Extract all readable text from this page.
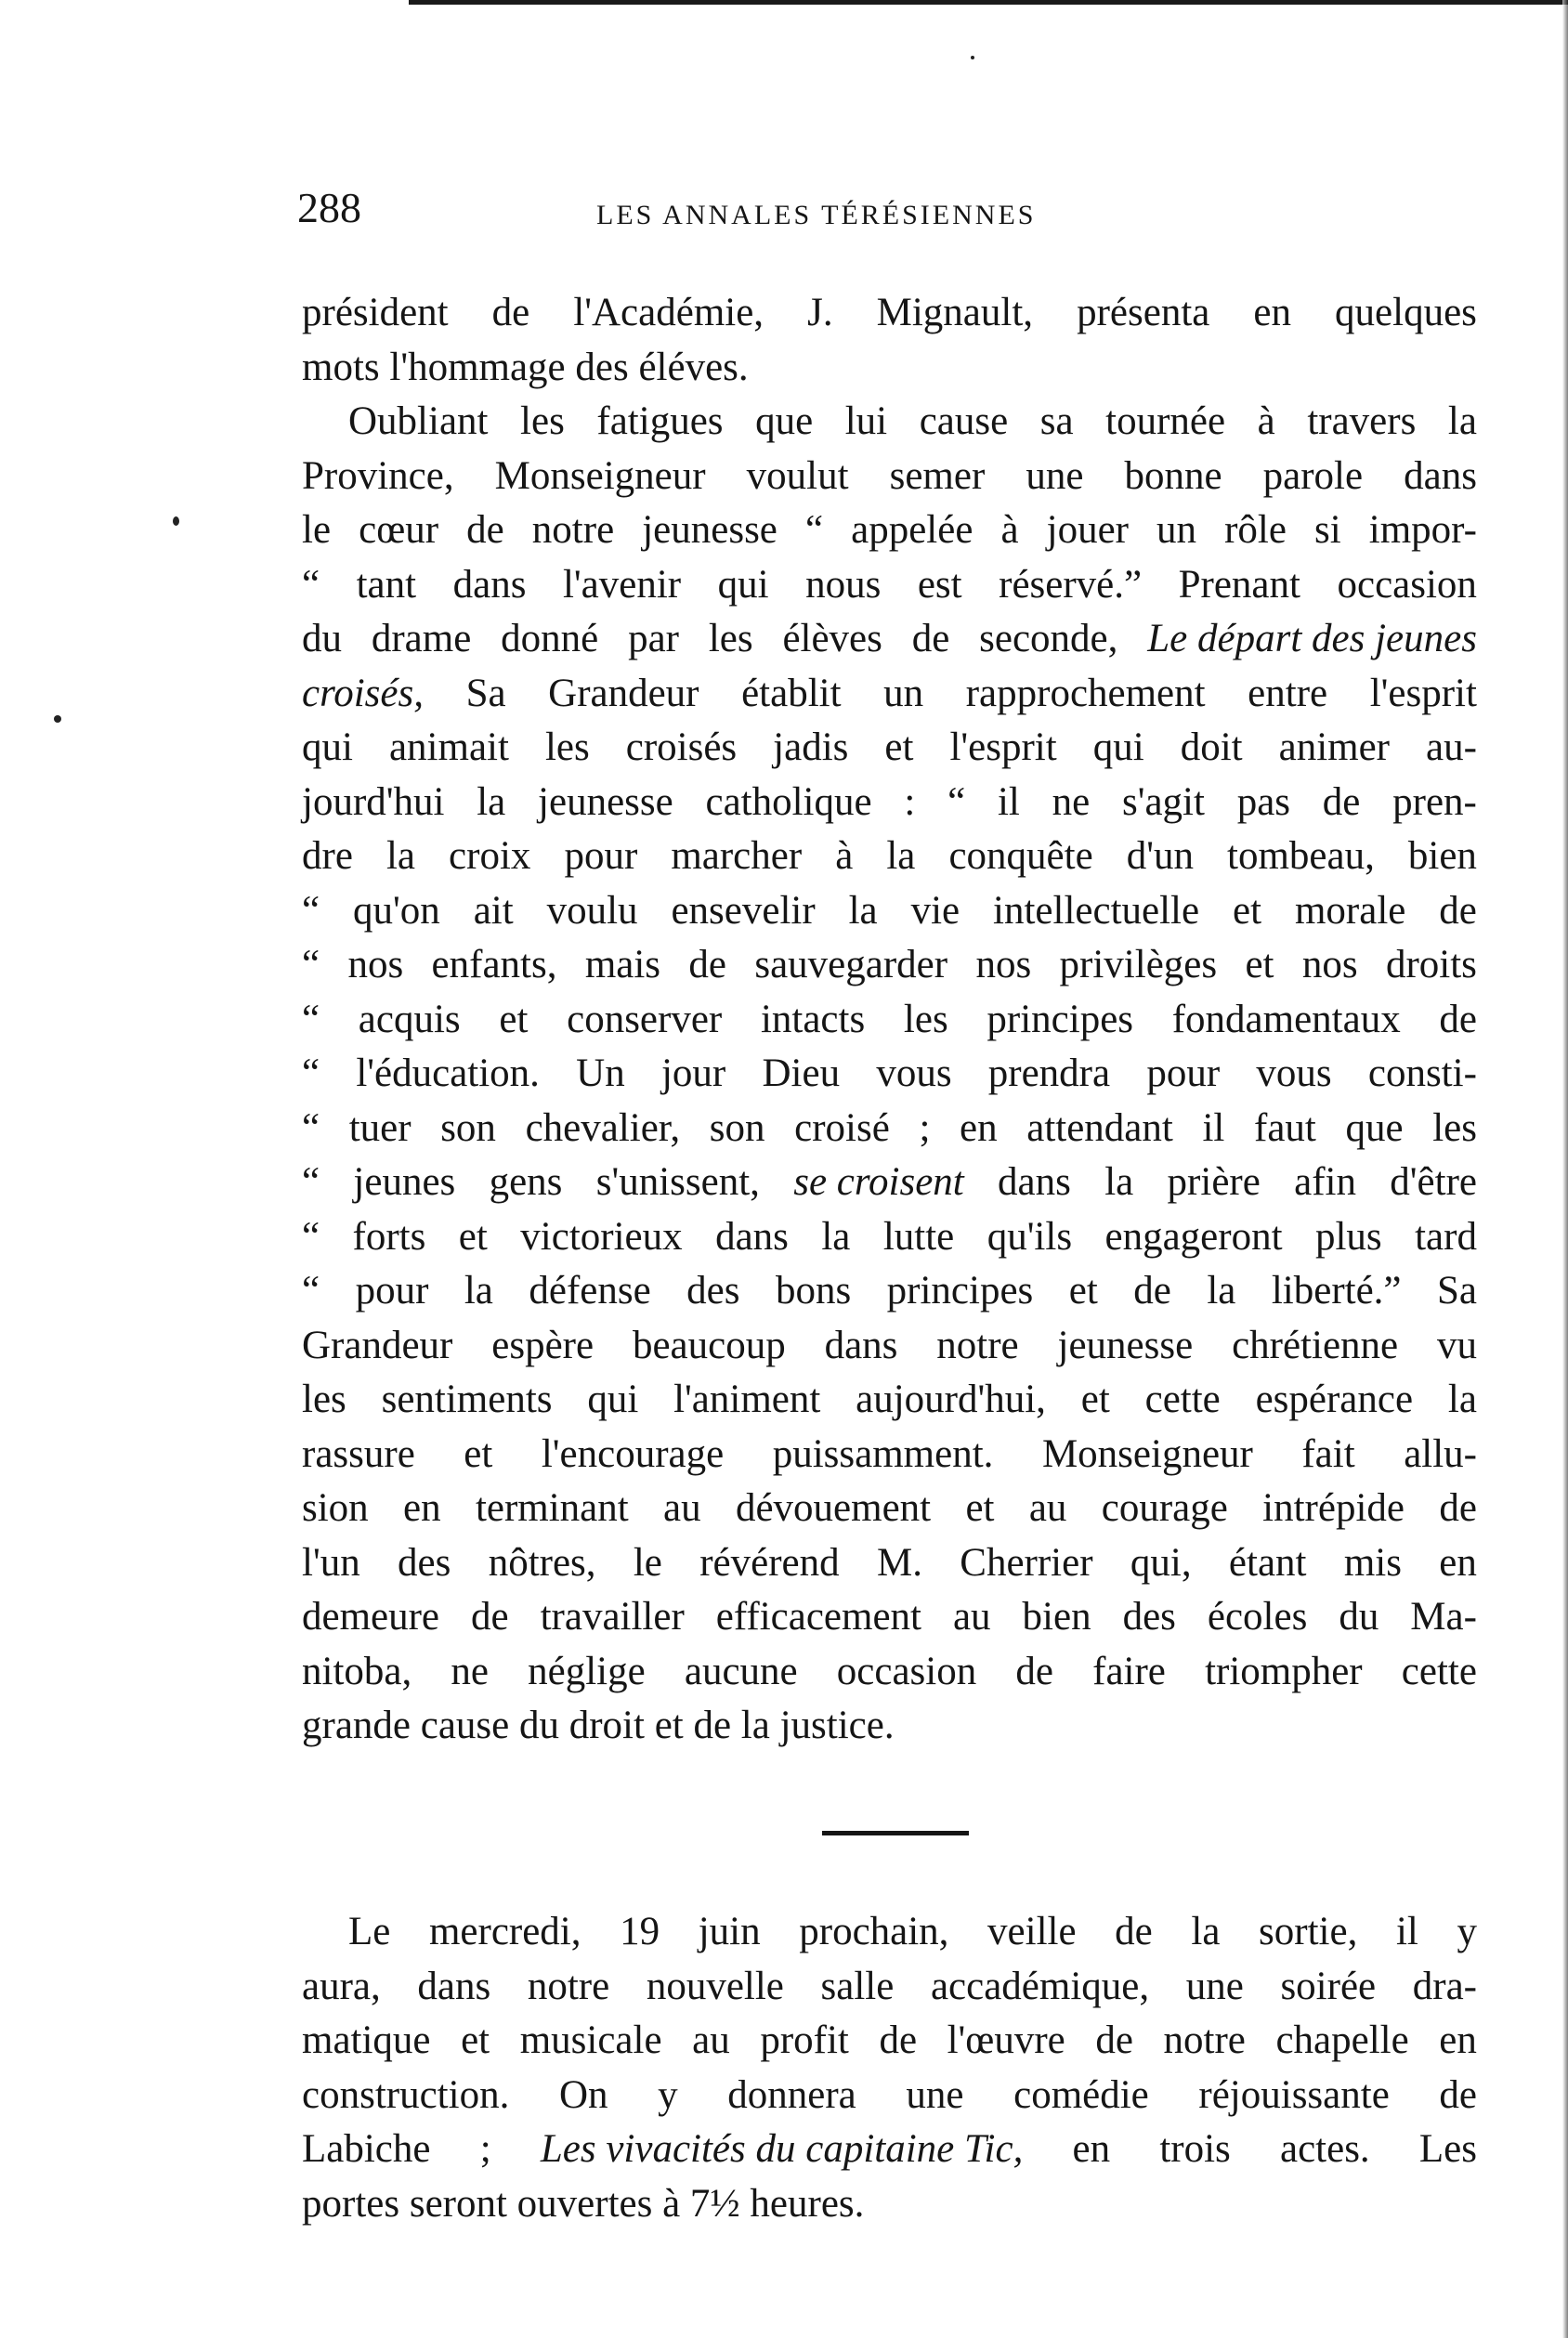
288	LES ANNALES TÉRÉSIENNES
président de l'Académie, J. Mignault, présenta en quelques
mots l'hommage des éléves.
Oubliant les fatigues que lui cause sa tournée à travers la
Province, Monseigneur voulut semer une bonne parole dans
le cœur de notre jeunesse “ appelée à jouer un rôle si impor-
“ tant dans l'avenir qui nous est réservé.” Prenant occasion
du drame donné par les élèves de seconde, Le départ des jeunes
croisés, Sa Grandeur établit un rapprochement entre l'esprit
qui animait les croisés jadis et l'esprit qui doit animer au-
jourd'hui la jeunesse catholique : “ il ne s'agit pas de pren-
dre la croix pour marcher à la conquête d'un tombeau, bien
“ qu'on ait voulu ensevelir la vie intellectuelle et morale de
“ nos enfants, mais de sauvegarder nos privilèges et nos droits
“ acquis et conserver intacts les principes fondamentaux de
“ l'éducation. Un jour Dieu vous prendra pour vous consti-
“ tuer son chevalier, son croisé ; en attendant il faut que les
“ jeunes gens s'unissent, se croisent dans la prière afin d'être
“ forts et victorieux dans la lutte qu'ils engageront plus tard
“ pour la défense des bons principes et de la liberté.” Sa
Grandeur espère beaucoup dans notre jeunesse chrétienne vu
les sentiments qui l'animent aujourd'hui, et cette espérance la
rassure et l'encourage puissamment. Monseigneur fait allu-
sion en terminant au dévouement et au courage intrépide de
l'un des nôtres, le révérend M. Cherrier qui, étant mis en
demeure de travailler efficacement au bien des écoles du Ma-
nitoba, ne néglige aucune occasion de faire triompher cette
grande cause du droit et de la justice.
Le mercredi, 19 juin prochain, veille de la sortie, il y
aura, dans notre nouvelle salle accadémique, une soirée dra-
matique et musicale au profit de l'œuvre de notre chapelle en
construction. On y donnera une comédie réjouissante de
Labiche ; Les vivacités du capitaine Tic, en trois actes. Les
portes seront ouvertes à 7½ heures.
